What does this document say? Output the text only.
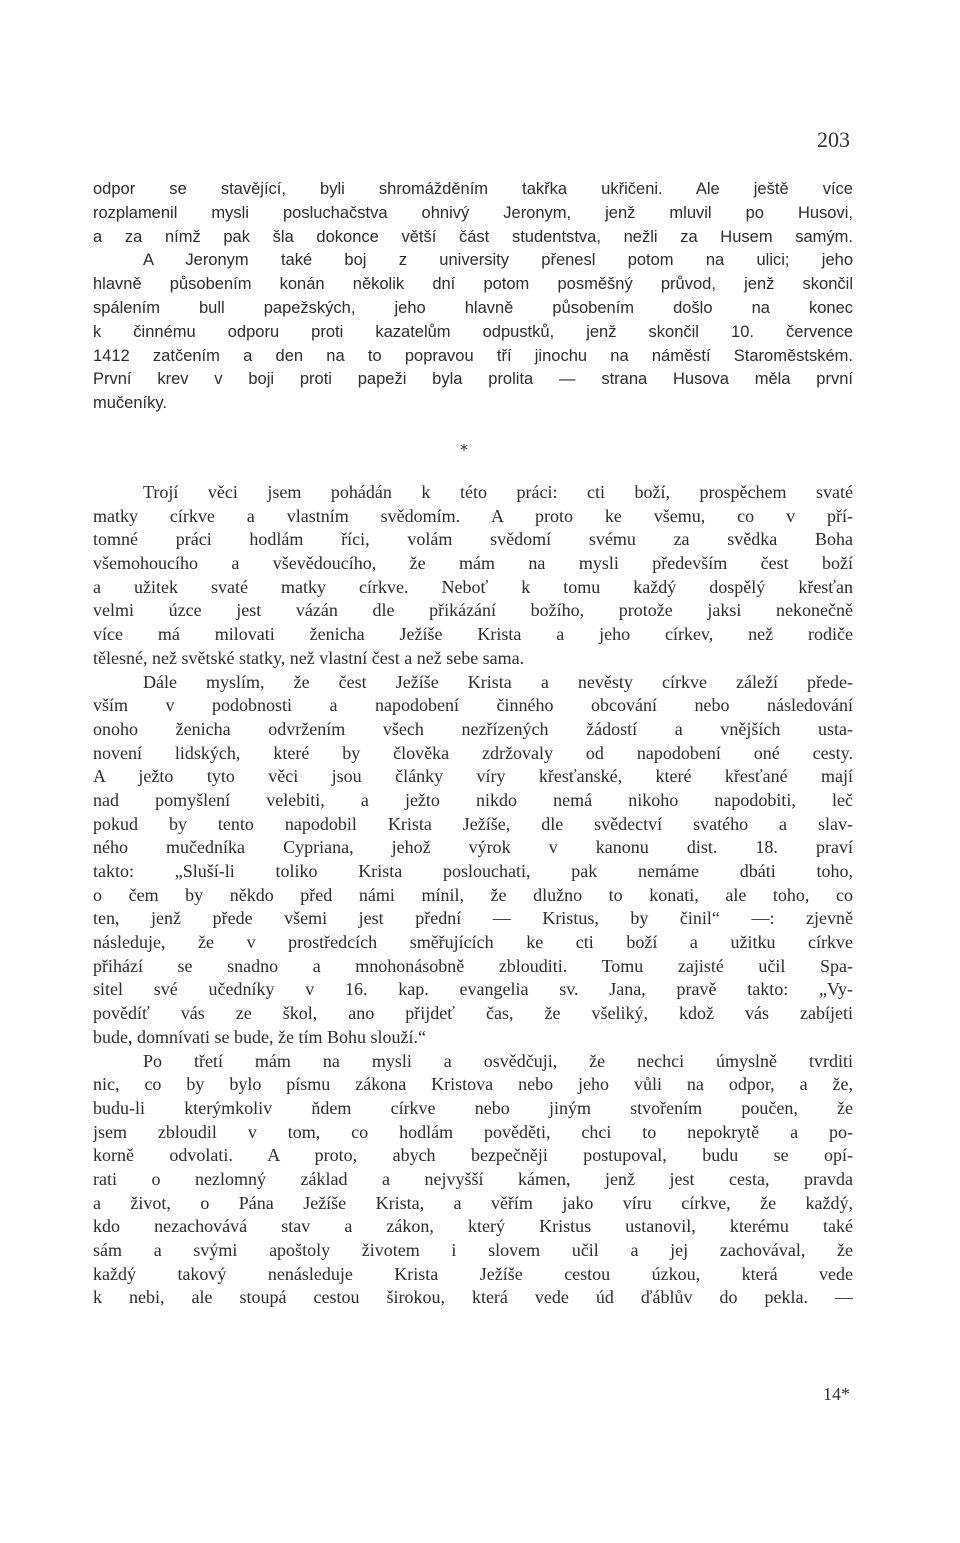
203
odpor se stavějící, byli shromážděním takřka ukřičeni. Ale ještě více
rozplamenil mysli posluchačstva ohnivý Jeronym, jenž mluvil po Husovi,
a za nímž pak šla dokonce větší část studentstva, nežli za Husem samým.
A Jeronym také boj z university přenesl potom na ulici; jeho
hlavně působením konán několik dní potom posměšný průvod, jenž skončil
spálením bull papežských, jeho hlavně působením došlo na konec
k činnému odporu proti kazatelům odpustků, jenž skončil 10. července
1412 zatčením a den na to popravou tří jinochu na náměstí Staroměstském.
První krev v boji proti papeži byla prolita — strana Husova měla první
mučeníky.
*
Trojí věci jsem pohádán k této práci: cti boží, prospěchem svaté
matky církve a vlastním svědomím. A proto ke všemu, co v pří-
tomné práci hodlám říci, volám svědomí svému za svědka Boha
všemohoucího a vševědoucího, že mám na mysli především čest boží
a užitek svaté matky církve. Neboť k tomu každý dospělý křesťan
velmi úzce jest vázán dle přikázání božího, protože jaksi nekonečně
více má milovati ženicha Ježíše Krista a jeho církev, než rodiče
tělesné, než světské statky, než vlastní čest a než sebe sama.
Dále myslím, že čest Ježíše Krista a nevěsty církve záleží přede-
vším v podobnosti a napodobení činného obcování nebo následování
onoho ženicha odvržením všech nezřízených žádostí a vnějších usta-
novení lidských, které by člověka zdržovaly od napodobení oné cesty.
A ježto tyto věci jsou články víry křesťanské, které křesťané mají
nad pomyšlení velebiti, a ježto nikdo nemá nikoho napodobiti, leč
pokud by tento napodobil Krista Ježíše, dle svědectví svatého a slav-
ného mučedníka Cypriana, jehož výrok v kanonu dist. 18. praví
takto: „Sluší-li toliko Krista poslouchati, pak nemáme dbáti toho,
o čem by někdo před námi mínil, že dlužno to konati, ale toho, co
ten, jenž přede všemi jest přední — Kristus, by činil“ —: zjevně
následuje, že v prostředcích směřujících ke cti boží a užitku církve
přihází se snadno a mnohonásobně zblouditi. Tomu zajisté učil Spa-
sitel své učedníky v 16. kap. evangelia sv. Jana, pravě takto: „Vy-
povědíť vás ze škol, ano přijdeť čas, že všeliký, kdož vás zabíjeti
bude, domnívati se bude, že tím Bohu slouží.“
Po třetí mám na mysli a osvědčuji, že nechci úmyslně tvrditi
nic, co by bylo písmu zákona Kristova nebo jeho vůli na odpor, a že,
budu-li kterýmkoliv ňdem církve nebo jiným stvořením poučen, že
jsem zbloudil v tom, co hodlám pověděti, chci to nepokrytě a po-
korně odvolati. A proto, abych bezpečněji postupoval, budu se opí-
rati o nezlomný základ a nejvyšší kámen, jenž jest cesta, pravda
a život, o Pána Ježíše Krista, a věřím jako víru církve, že každý,
kdo nezachovává stav a zákon, který Kristus ustanovil, kterému také
sám a svými apoštoly životem i slovem učil a jej zachovával, že
každý takový nenásleduje Krista Ježíše cestou úzkou, která vede
k nebi, ale stoupá cestou širokou, která vede úd ďáblův do pekla. —
14*
